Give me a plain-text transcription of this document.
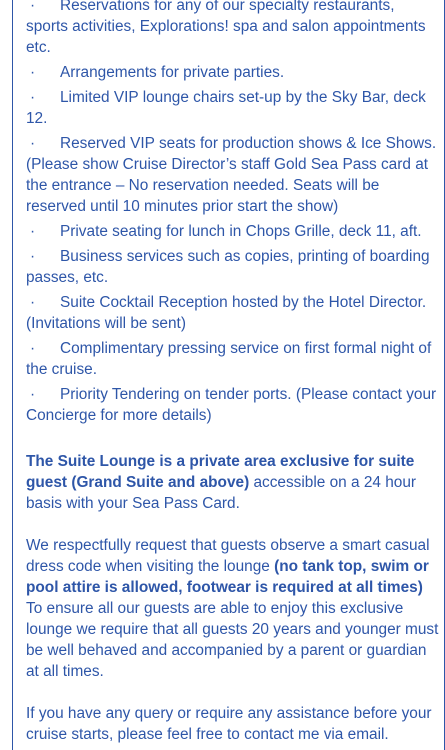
· Reservations for any of our specialty restaurants, sports activities, Explorations! spa and salon appointments etc.
· Arrangements for private parties.
· Limited VIP lounge chairs set-up by the Sky Bar, deck 12.
· Reserved VIP seats for production shows & Ice Shows. (Please show Cruise Director’s staff Gold Sea Pass card at the entrance – No reservation needed. Seats will be reserved until 10 minutes prior start the show)
· Private seating for lunch in Chops Grille, deck 11, aft.
· Business services such as copies, printing of boarding passes, etc.
· Suite Cocktail Reception hosted by the Hotel Director. (Invitations will be sent)
· Complimentary pressing service on first formal night of the cruise.
· Priority Tendering on tender ports. (Please contact your Concierge for more details)

The Suite Lounge is a private area exclusive for suite guest (Grand Suite and above) accessible on a 24 hour basis with your Sea Pass Card.

We respectfully request that guests observe a smart casual dress code when visiting the lounge (no tank top, swim or pool attire is allowed, footwear is required at all times)

To ensure all our guests are able to enjoy this exclusive lounge we require that all guests 20 years and younger must be well behaved and accompanied by a parent or guardian at all times.

If you have any query or require any assistance before your cruise starts, please feel free to contact me via email.
